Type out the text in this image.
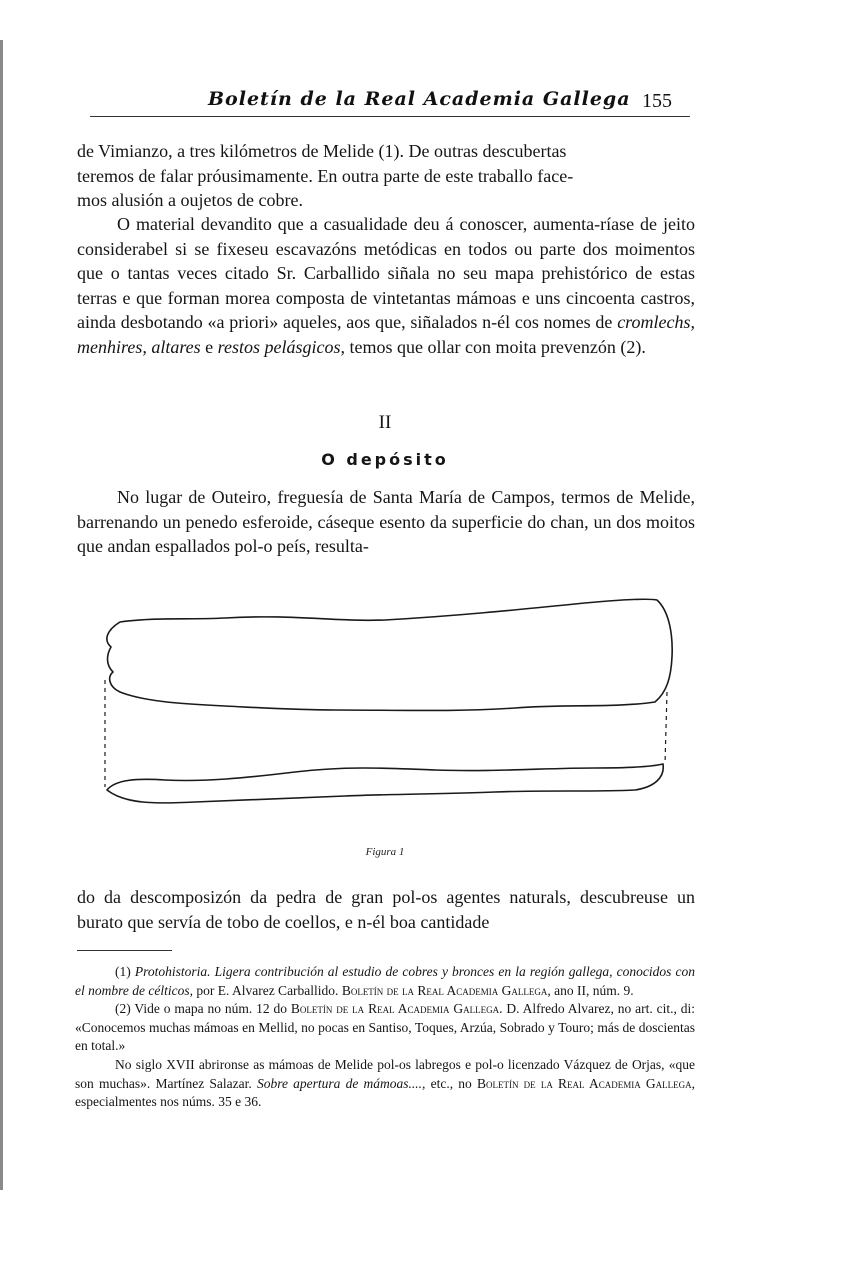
Boletín de la Real Academia Gallega 155
de Vimianzo, a tres kilómetros de Melide (1). De outras descubertas
teremos de falar próusimamente. En outra parte de este traballo face-
mos alusión a oujetos de cobre.
O material devandito que a casualidade deu á conoscer, aumenta-ríase de jeito considerabel si se fixeseu escavazóns metódicas en todos ou parte dos moimentos que o tantas veces citado Sr. Carballido siñala no seu mapa prehistórico de estas terras e que forman morea composta de vintetantas mámoas e uns cincoenta castros, ainda desbotando «a priori» aqueles, aos que, siñalados n-él cos nomes de cromlechs, menhires, altares e restos pelásgicos, temos que ollar con moita prevenzón (2).
II
O depósito
No lugar de Outeiro, freguesía de Santa María de Campos, termos de Melide, barrenando un penedo esferoide, cáseque esento da superficie do chan, un dos moitos que andan espallados pol-o peís, resulta-
Figura 1
do da descomposizón da pedra de gran pol-os agentes naturals, descubreuse un burato que servía de tobo de coellos, e n-él boa cantidade

(1) Protohistoria. Ligera contribución al estudio de cobres y bronces en la región gallega, conocidos con el nombre de célticos, por E. Alvarez Carballido. Boletín de la Real Academia Gallega, ano II, núm. 9.

(2) Vide o mapa no núm. 12 do Boletín de la Real Academia Gallega. D. Alfredo Alvarez, no art. cit., di: «Conocemos muchas mámoas en Mellid, no pocas en Santiso, Toques, Arzúa, Sobrado y Touro; más de doscientas en total.»

No siglo XVII abrironse as mámoas de Melide pol-os labregos e pol-o licenzado Vázquez de Orjas, «que son muchas». Martínez Salazar. Sobre apertura de mámoas...., etc., no Boletín de la Real Academia Gallega, especialmentes nos núms. 35 e 36.
